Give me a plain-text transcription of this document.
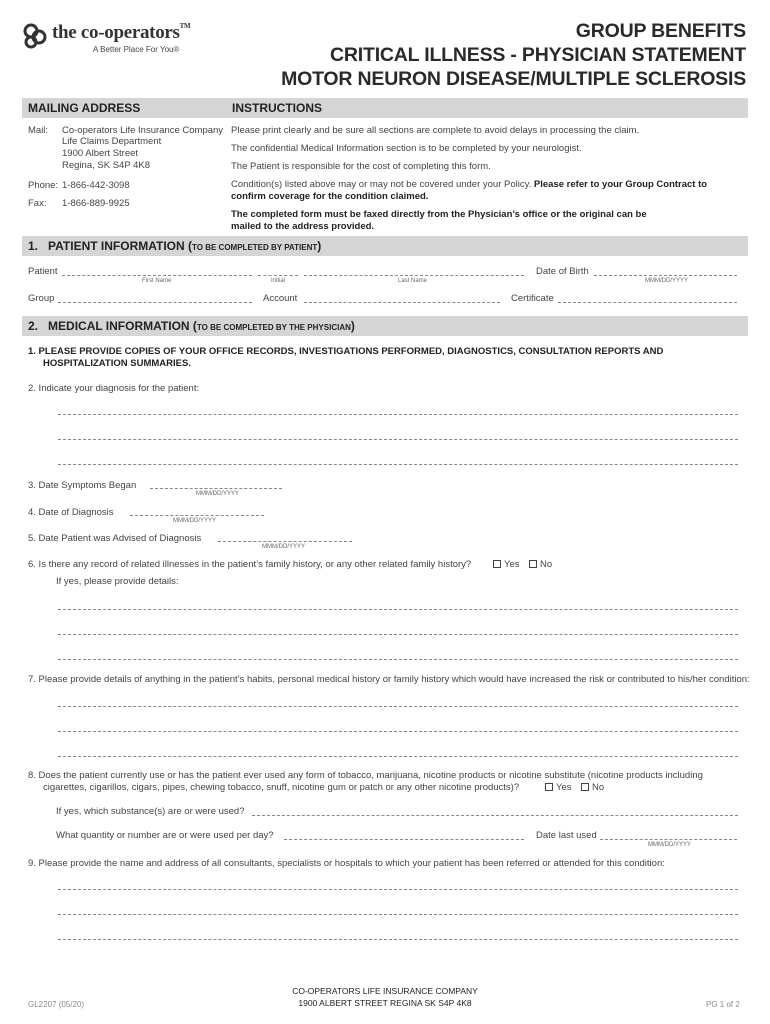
the co-operators™
A Better Place For You®
GROUP BENEFITS
CRITICAL ILLNESS - PHYSICIAN STATEMENT
MOTOR NEURON DISEASE/MULTIPLE SCLEROSIS
MAILING ADDRESS	INSTRUCTIONS
Mail: Co-operators Life Insurance Company
Life Claims Department
1900 Albert Street
Regina, SK S4P 4K8
Phone: 1-866-442-3098
Fax: 1-866-889-9925
Please print clearly and be sure all sections are complete to avoid delays in processing the claim.
The confidential Medical Information section is to be completed by your neurologist.
The Patient is responsible for the cost of completing this form.
Condition(s) listed above may or may not be covered under your Policy. Please refer to your Group Contract to
confirm coverage for the condition claimed.
The completed form must be faxed directly from the Physician’s office or the original can be
mailed to the address provided.
1. PATIENT INFORMATION (TO BE COMPLETED BY PATIENT)
Patient	Date of Birth
First Name	Initial	Last Name	MMM/DD/YYYY
Group	Account	Certificate
2. MEDICAL INFORMATION (TO BE COMPLETED BY THE PHYSICIAN)
1. PLEASE PROVIDE COPIES OF YOUR OFFICE RECORDS, INVESTIGATIONS PERFORMED, DIAGNOSTICS, CONSULTATION REPORTS AND
HOSPITALIZATION SUMMARIES.
2. Indicate your diagnosis for the patient:
3. Date Symptoms Began
MMM/DD/YYYY
4. Date of Diagnosis
MMM/DD/YYYY
5. Date Patient was Advised of Diagnosis
MMM/DD/YYYY
6. Is there any record of related illnesses in the patient’s family history, or any other related family history?	Yes	No
If yes, please provide details:
7. Please provide details of anything in the patient’s habits, personal medical history or family history which would have increased the risk or contributed to his/her condition:
8. Does the patient currently use or has the patient ever used any form of tobacco, marijuana, nicotine products or nicotine substitute (nicotine products including
cigarettes, cigarillos, cigars, pipes, chewing tobacco, snuff, nicotine gum or patch or any other nicotine products)?	Yes	No
If yes, which substance(s) are or were used?
What quantity or number are or were used per day?	Date last used
MMM/DD/YYYY
9. Please provide the name and address of all consultants, specialists or hospitals to which your patient has been referred or attended for this condition:
GL2207 (05/20)
CO-OPERATORS LIFE INSURANCE COMPANY
1900 ALBERT STREET REGINA SK S4P 4K8	PG 1 of 2
